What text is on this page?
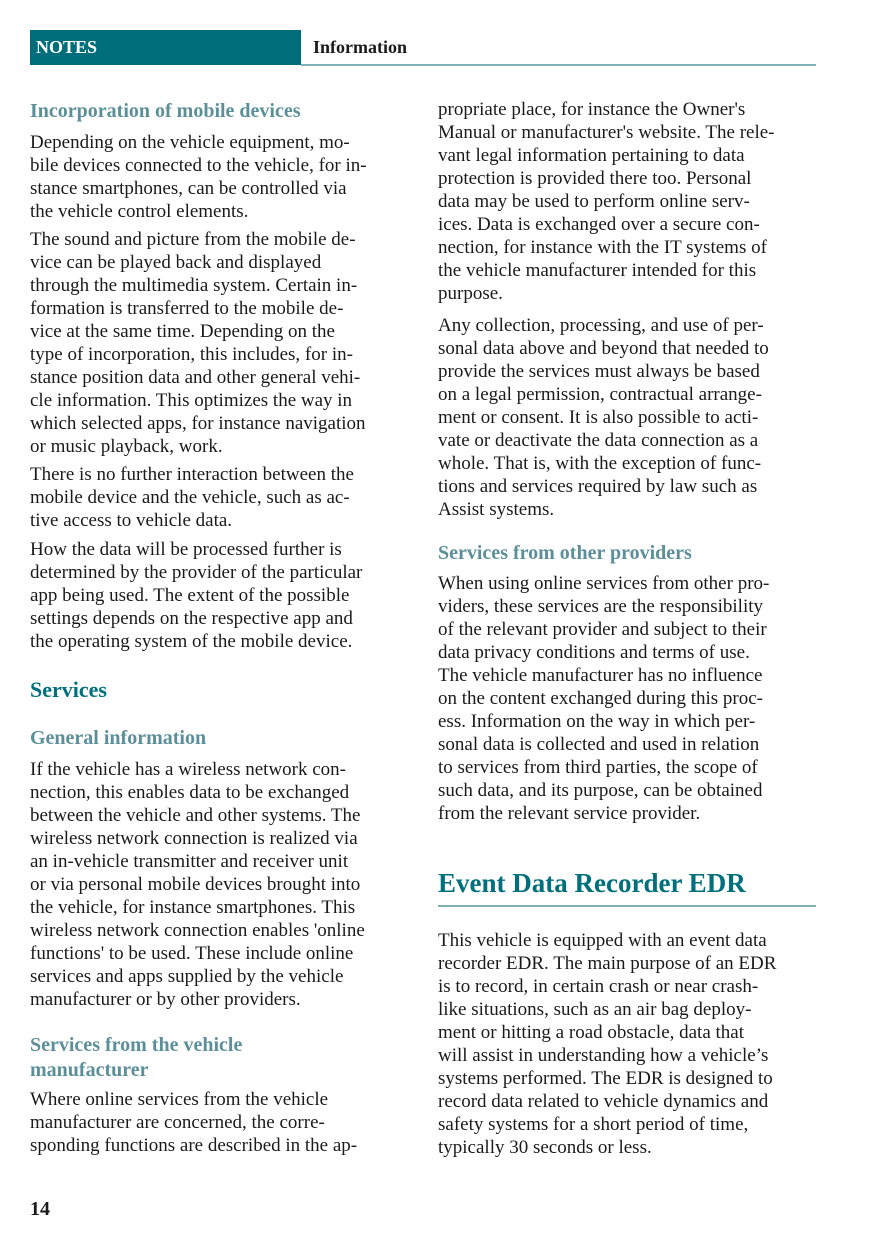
NOTES	Information
Incorporation of mobile devices
Depending on the vehicle equipment, mo-
bile devices connected to the vehicle, for in-
stance smartphones, can be controlled via
the vehicle control elements.
The sound and picture from the mobile de-
vice can be played back and displayed
through the multimedia system. Certain in-
formation is transferred to the mobile de-
vice at the same time. Depending on the
type of incorporation, this includes, for in-
stance position data and other general vehi-
cle information. This optimizes the way in
which selected apps, for instance navigation
or music playback, work.
There is no further interaction between the
mobile device and the vehicle, such as ac-
tive access to vehicle data.
How the data will be processed further is
determined by the provider of the particular
app being used. The extent of the possible
settings depends on the respective app and
the operating system of the mobile device.
Services
General information
If the vehicle has a wireless network con-
nection, this enables data to be exchanged
between the vehicle and other systems. The
wireless network connection is realized via
an in-vehicle transmitter and receiver unit
or via personal mobile devices brought into
the vehicle, for instance smartphones. This
wireless network connection enables 'online
functions' to be used. These include online
services and apps supplied by the vehicle
manufacturer or by other providers.
Services from the vehicle
manufacturer
Where online services from the vehicle
manufacturer are concerned, the corre-
sponding functions are described in the ap-
propriate place, for instance the Owner's
Manual or manufacturer's website. The rele-
vant legal information pertaining to data
protection is provided there too. Personal
data may be used to perform online serv-
ices. Data is exchanged over a secure con-
nection, for instance with the IT systems of
the vehicle manufacturer intended for this
purpose.
Any collection, processing, and use of per-
sonal data above and beyond that needed to
provide the services must always be based
on a legal permission, contractual arrange-
ment or consent. It is also possible to acti-
vate or deactivate the data connection as a
whole. That is, with the exception of func-
tions and services required by law such as
Assist systems.
Services from other providers
When using online services from other pro-
viders, these services are the responsibility
of the relevant provider and subject to their
data privacy conditions and terms of use.
The vehicle manufacturer has no influence
on the content exchanged during this proc-
ess. Information on the way in which per-
sonal data is collected and used in relation
to services from third parties, the scope of
such data, and its purpose, can be obtained
from the relevant service provider.
Event Data Recorder EDR
This vehicle is equipped with an event data
recorder EDR. The main purpose of an EDR
is to record, in certain crash or near crash-
like situations, such as an air bag deploy-
ment or hitting a road obstacle, data that
will assist in understanding how a vehicle’s
systems performed. The EDR is designed to
record data related to vehicle dynamics and
safety systems for a short period of time,
typically 30 seconds or less.
14
